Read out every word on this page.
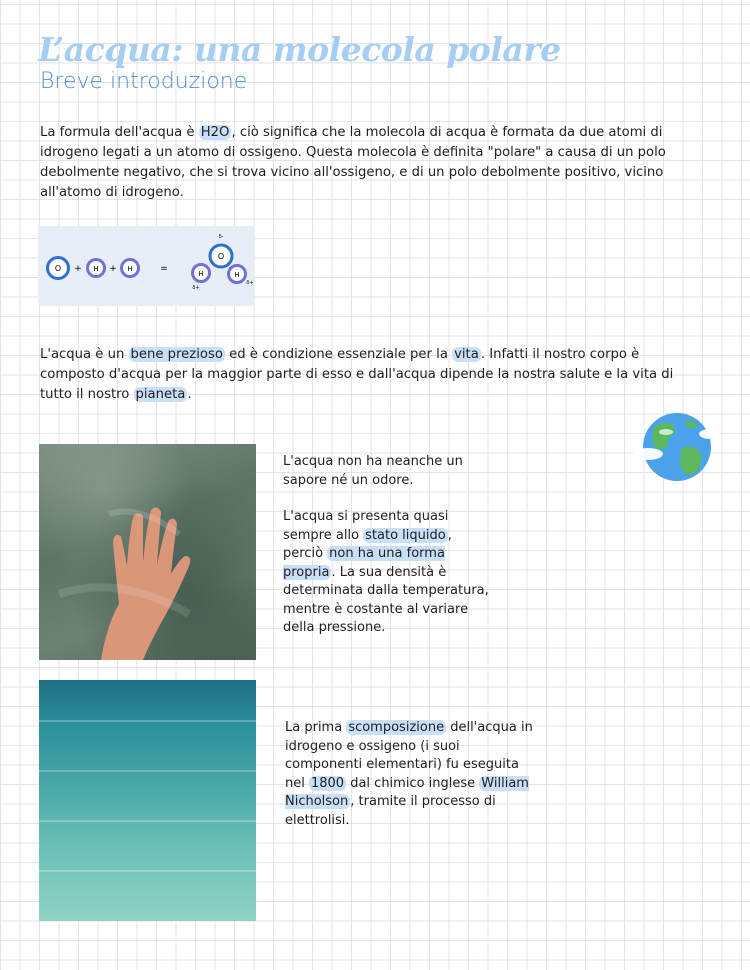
L’acqua: una molecola polare
Breve introduzione
La formula dell'acqua è H2O , ciò significa che la molecola di acqua è formata da due atomi di idrogeno legati a un atomo di ossigeno. Questa molecola è definita "polare" a causa di un polo debolmente negativo, che si trova vicino all'ossigeno, e di un polo debolmente positivo, vicino all'atomo di idrogeno.
O + H + H	=
δ-
O
H	H
δ+
δ+
L'acqua è un bene prezioso ed è condizione essenziale per la vita . Infatti il nostro corpo è composto d'acqua per la maggior parte di esso e dall'acqua dipende la nostra salute e la vita di tutto il nostro pianeta .
L'acqua non ha neanche un sapore né un odore.
L'acqua si presenta quasi sempre allo stato liquido , perciò non ha una forma propria . La sua densità è determinata dalla temperatura, mentre è costante al variare della pressione.
La prima scomposizione dell'acqua in idrogeno e ossigeno (i suoi componenti elementari) fu eseguita nel 1800 dal chimico inglese William Nicholson , tramite il processo di elettrolisi.
